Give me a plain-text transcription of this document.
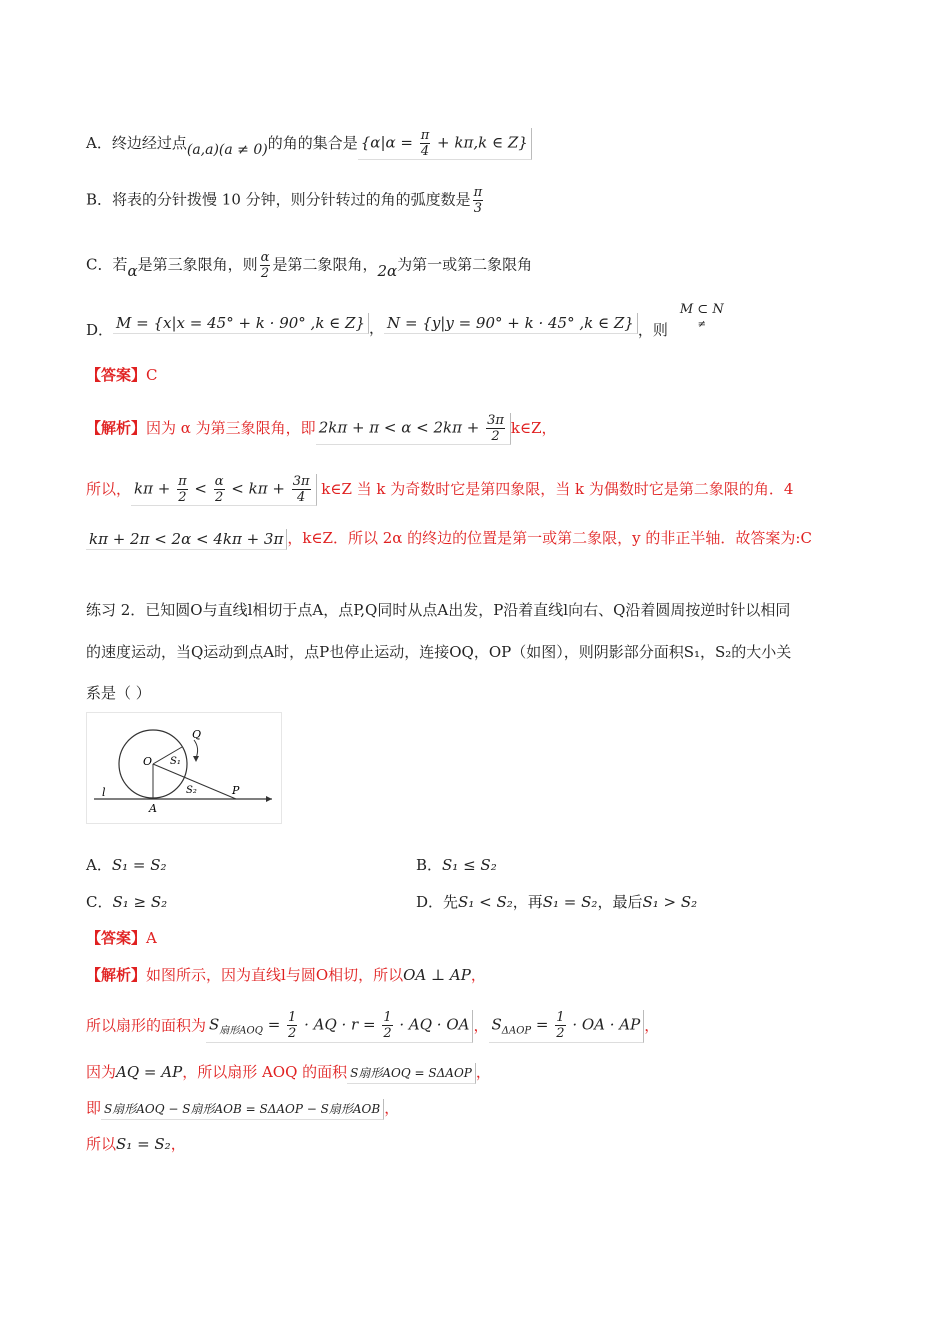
A．终边经过点(a,a)(a ≠ 0)的角的集合是 {$\alpha|\alpha = \frac{\pi}{4} + k\pi,k$ ∈ Z}
B．将表的分针拨慢 10 分钟，则分针转过的角的弧度数是 $\frac{\pi}{3}$
C．若α是第三象限角，则 $\frac{\alpha}{2}$ 是第二象限角，2α为第一或第二象限角
D． M = {x|x = 45° + k · 90° ,k ∈ Z} ， N = {y|y = 90° + k · 45° ,k ∈ Z} ，则
M ⊂ N
≠
【答案】C
【解析】因为 α 为第三象限角，即 $2k\pi + \pi < \alpha < 2k\pi + \frac{3\pi}{2}$ k∈Z，
所以， $k\pi + \frac{\pi}{2} < \frac{\alpha}{2} < k\pi + \frac{3\pi}{4}$ k∈Z 当 k 为奇数时它是第四象限，当 k 为偶数时它是第二象限的角．4
kπ + 2π < 2α < 4kπ + 3π ，k∈Z．所以 2α 的终边的位置是第一或第二象限，y 的非正半轴．故答案为:C
练习 2．已知圆O与直线l相切于点A，点P,Q同时从点A出发，P沿着直线l向右、Q沿着圆周按逆时针以相同
的速度运动，当Q运动到点A时，点P也停止运动，连接OQ，OP（如图），则阴影部分面积S₁，S₂的大小关
系是（ ）
O
Q
S₁
S₂
l
A
P
A．S₁ = S₂	B．S₁ ≤ S₂
C．S₁ ≥ S₂	D．先S₁ < S₂，再S₁ = S₂，最后S₁ > S₂
【答案】A
【解析】如图所示，因为直线l与圆O相切，所以OA ⊥ AP，
所以扇形的面积为 $S_{扇形AOQ} = \frac{1}{2}$ · AQ · $r = \frac{1}{2}$ · AQ · OA ， $S_{\Delta AOP} = \frac{1}{2}$ · OA · AP ，
因为AQ = AP，所以扇形 AOQ 的面积 S扇形AOQ = SΔAOP ，
即 S扇形AOQ − S扇形AOB = SΔAOP − S扇形AOB ，
所以S₁ = S₂，
